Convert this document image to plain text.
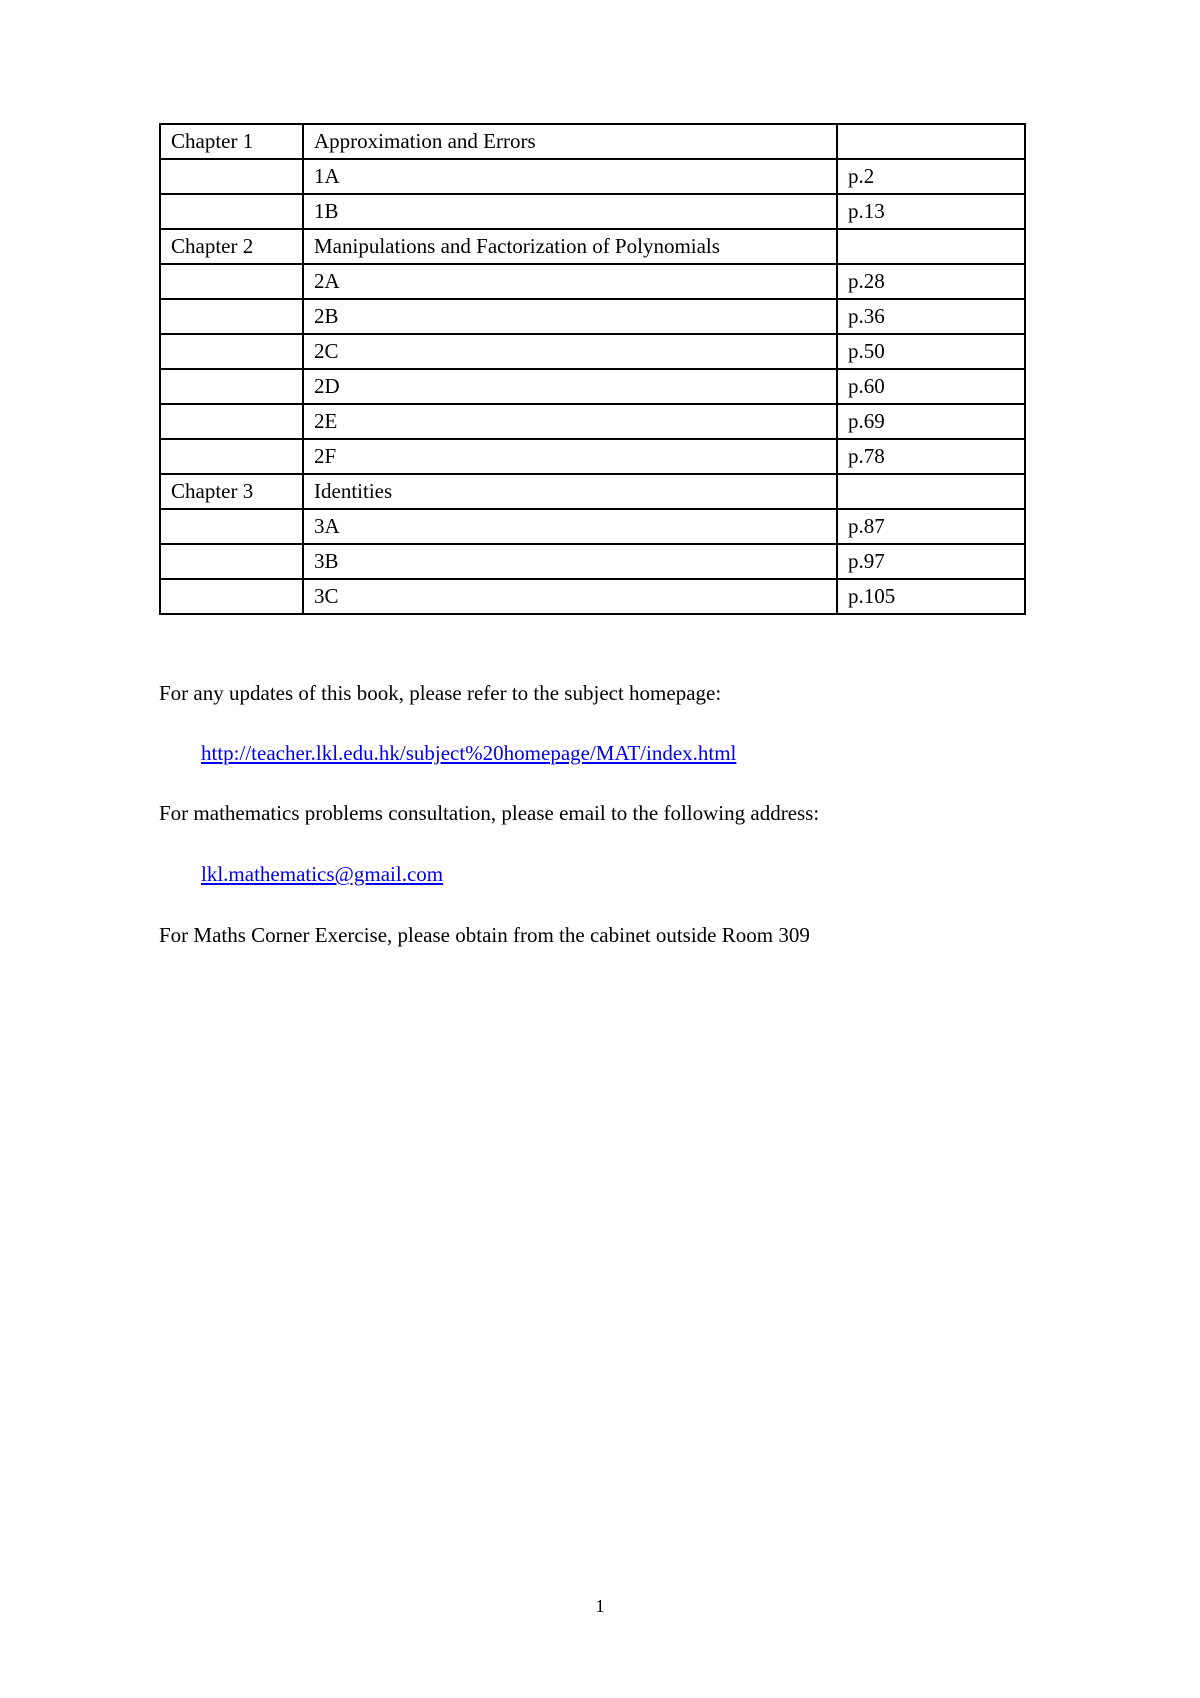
Chapter 1	Approximation and Errors	
	1A	p.2
	1B	p.13
Chapter 2	Manipulations and Factorization of Polynomials	
	2A	p.28
	2B	p.36
	2C	p.50
	2D	p.60
	2E	p.69
	2F	p.78
Chapter 3	Identities	
	3A	p.87
	3B	p.97
	3C	p.105

For any updates of this book, please refer to the subject homepage:

http://teacher.lkl.edu.hk/subject%20homepage/MAT/index.html

For mathematics problems consultation, please email to the following address:

lkl.mathematics@gmail.com

For Maths Corner Exercise, please obtain from the cabinet outside Room 309

1
